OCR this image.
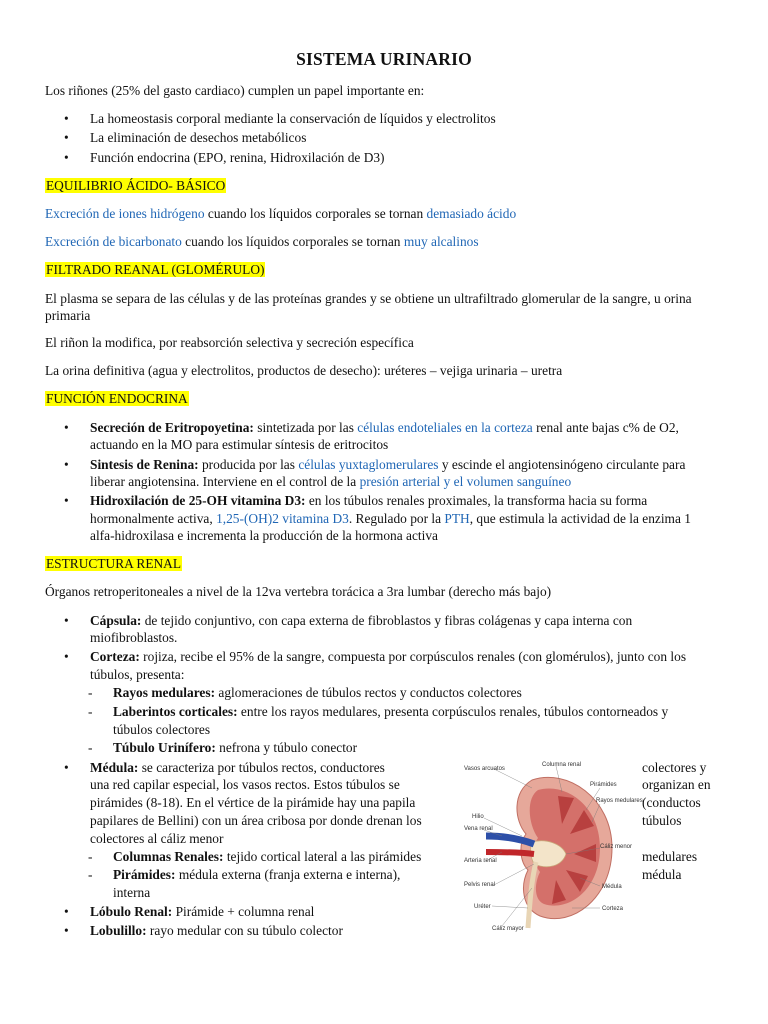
SISTEMA URINARIO
Los riñones (25% del gasto cardiaco) cumplen un papel importante en:
• La homeostasis corporal mediante la conservación de líquidos y electrolitos
• La eliminación de desechos metabólicos
• Función endocrina (EPO, renina, Hidroxilación de D3)
EQUILIBRIO ÁCIDO- BÁSICO
Excreción de iones hidrógeno cuando los líquidos corporales se tornan demasiado ácido
Excreción de bicarbonato cuando los líquidos corporales se tornan muy alcalinos
FILTRADO REANAL (GLOMÉRULO)
El plasma se separa de las células y de las proteínas grandes y se obtiene un ultrafiltrado glomerular de la sangre, u orina
primaria
El riñon la modifica, por reabsorción selectiva y secreción específica
La orina definitiva (agua y electrolitos, productos de desecho): uréteres – vejiga urinaria – uretra
FUNCIÓN ENDOCRINA
• Secreción de Eritropoyetina: sintetizada por las células endoteliales en la corteza renal ante bajas c% de O2,
actuando en la MO para estimular síntesis de eritrocitos
• Sintesis de Renina: producida por las células yuxtaglomerulares y escinde el angiotensinógeno circulante para
liberar angiotensina. Interviene en el control de la presión arterial y el volumen sanguíneo
• Hidroxilación de 25-OH vitamina D3: en los túbulos renales proximales, la transforma hacia su forma
hormonalmente activa, 1,25-(OH)2 vitamina D3. Regulado por la PTH, que estimula la actividad de la enzima 1
alfa-hidroxilasa e incrementa la producción de la hormona activa
ESTRUCTURA RENAL
Órganos retroperitoneales a nivel de la 12va vertebra torácica a 3ra lumbar (derecho más bajo)
• Cápsula: de tejido conjuntivo, con capa externa de fibroblastos y fibras colágenas y capa interna con
miofibroblastos.
• Corteza: rojiza, recibe el 95% de la sangre, compuesta por corpúsculos renales (con glomérulos), junto con los
túbulos, presenta:
- Rayos medulares: aglomeraciones de túbulos rectos y conductos colectores
- Laberintos corticales: entre los rayos medulares, presenta corpúsculos renales, túbulos contorneados y
túbulos colectores
- Túbulo Urinífero: nefrona y túbulo conector
• Médula: se caracteriza por túbulos rectos, conductores	colectores y
una red capilar especial, los vasos rectos. Estos túbulos se	organizan en
pirámides (8-18). En el vértice de la pirámide hay una papila	(conductos
papilares de Bellini) con un área cribosa por donde drenan los	túbulos
colectores al cáliz menor
- Columnas Renales: tejido cortical lateral a las pirámides	medulares
- Pirámides: médula externa (franja externa e interna),	médula
interna
• Lóbulo Renal: Pirámide + columna renal
• Lobulillo: rayo medular con su túbulo colector
Vasos arcuatos
Columna renal
Pirámides
Rayos medulares
Hilio
Vena renal
Cáliz menor
Arteria renal
Pelvis renal	Médula
Uréter	Corteza
Cáliz mayor
